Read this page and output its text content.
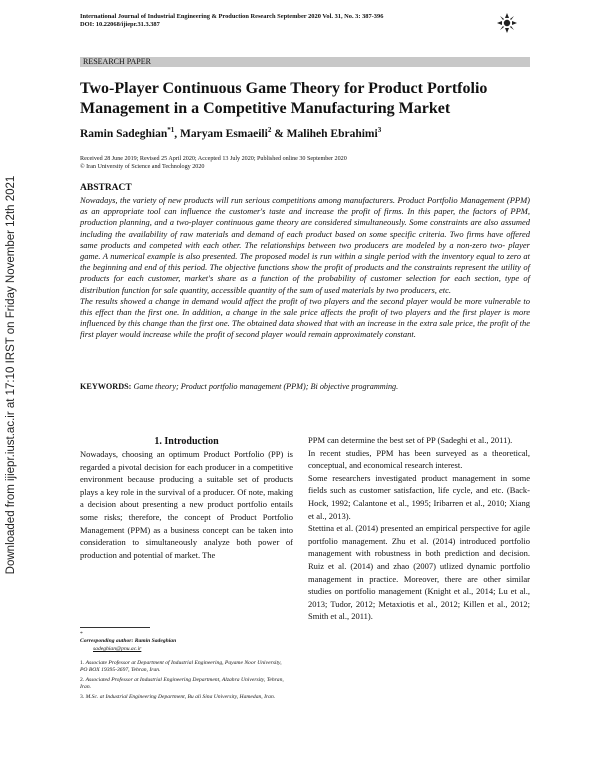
Downloaded from ijiepr.iust.ac.ir at 17:10 IRST on Friday November 12th 2021
International Journal of Industrial Engineering & Production Research September 2020 Vol. 31, No. 3: 387-396
DOI: 10.22068/ijiepr.31.3.387
RESEARCH PAPER
Two-Player Continuous Game Theory for Product Portfolio Management in a Competitive Manufacturing Market
Ramin Sadeghian$^{*1}$, Maryam Esmaeili$^2$ & Maliheh Ebrahimi$^3$
Received 28 June 2019; Revised 25 April 2020; Accepted 13 July 2020; Published online 30 September 2020
© Iran University of Science and Technology 2020
ABSTRACT

Nowadays, the variety of new products will run serious competitions among manufacturers. Product Portfolio Management (PPM) as an appropriate tool can influence the customer's taste and increase the profit of firms. In this paper, the factors of PPM, production planning, and a two-player continuous game theory are considered simultaneously. Some constraints are also assumed including the availability of raw materials and demand of each product based on some specific criteria. Two firms have offered same products and competed with each other. The relationships between two producers are modeled by a non-zero two- player game. A numerical example is also presented. The proposed model is run within a single period with the inventory equal to zero at the beginning and end of this period. The objective functions show the profit of products and the constraints represent the utility of products for each customer, market's share as a function of the probability of customer selection for each section, type of distribution function for sale quantity, accessible quantity of the sum of used materials by two producers, etc.

The results showed a change in demand would affect the profit of two players and the second player would be more vulnerable to this effect than the first one. In addition, a change in the sale price affects the profit of two players and the first player is more influenced by this change than the first one. The obtained data showed that with an increase in the extra sale price, the profit of the first player would increase while the profit of second player would remain approximately constant.

KEYWORDS: Game theory; Product portfolio management (PPM); Bi objective programming.
1. Introduction

Nowadays, choosing an optimum Product Portfolio (PP) is regarded a pivotal decision for each producer in a competitive environment because producing a suitable set of products plays a key role in the survival of a producer. Of note, making a decision about presenting a new product portfolio entails some risks; therefore, the concept of Product Portfolio Management (PPM) as a business concept can be taken into consideration to simultaneously analyze both power of production and potential of market. The

PPM can determine the best set of PP (Sadeghi et al., 2011).

In recent studies, PPM has been surveyed as a theoretical, conceptual, and economical research interest.

Some researchers investigated product management in some fields such as customer satisfaction, life cycle, and etc. (Back-Hock, 1992; Calantone et al., 1995; Iribarren et al., 2010; Xiang et al., 2013).

Stettina et al. (2014) presented an empirical perspective for agile portfolio management. Zhu et al. (2014) introduced portfolio management with robustness in both prediction and decision. Ruiz et al. (2014) and zhao (2007) utlized dynamic portfolio management in practice. Moreover, there are other similar studies on portfolio management (Knight et al., 2014; Lu et al., 2013; Tudor, 2012; Metaxiotis et al., 2012; Killen et al., 2012; Smith et al., 2011).

*
Corresponding author: Ramin Sadeghian
sadeghian@pnu.ac.ir
1. Associate Professor at Department of Industrial Engineering, Payame Noor University, PO BOX 19395-3697, Tehran, Iran.
2. Associated Professor at Industrial Engineering Department, Alzahra University, Tehran, Iran.
3. M.Sc. at Industrial Engineering Department, Bu ali Sina University, Hamedan, Iran.
